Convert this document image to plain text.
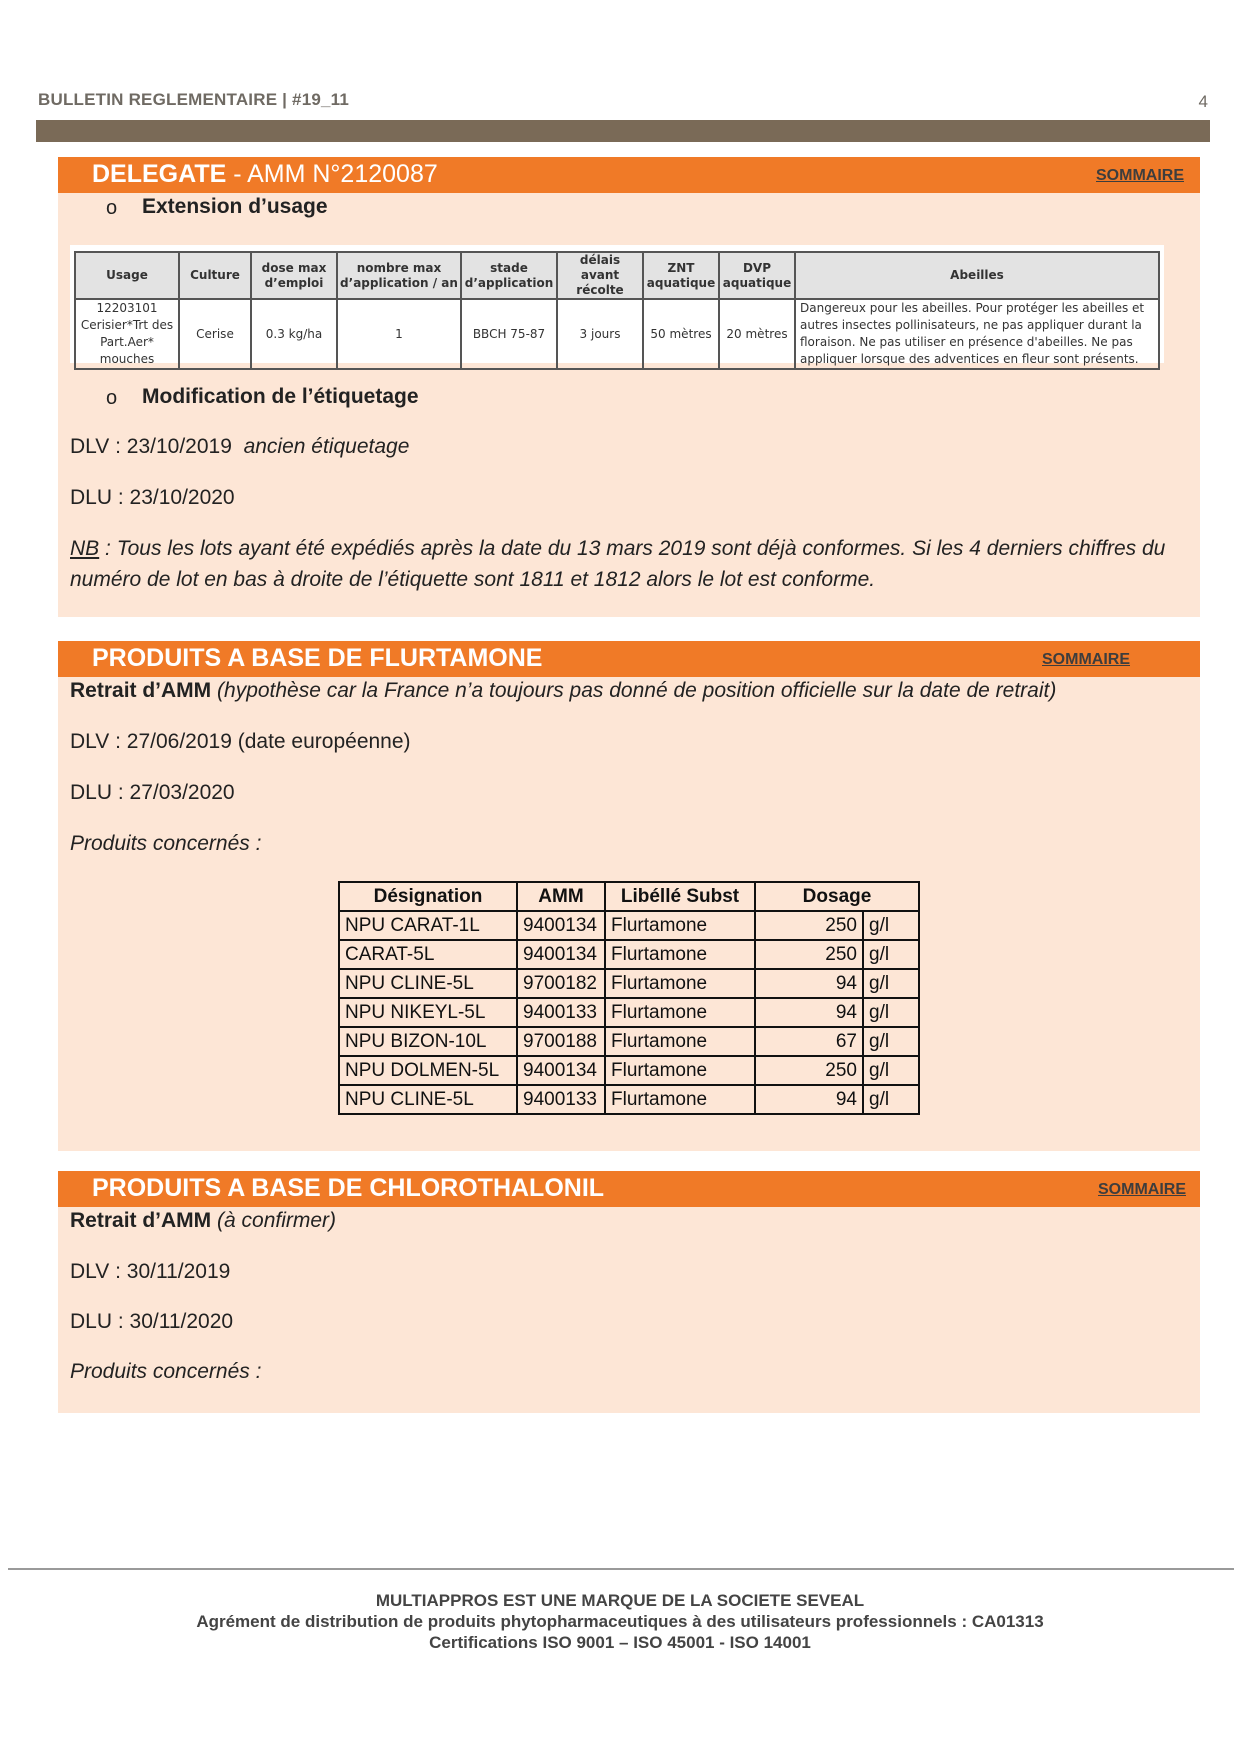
BULLETIN REGLEMENTAIRE | #19_11	4
DELEGATE - AMM N°2120087	SOMMAIRE
o Extension d’usage
Usage	Culture	dose max d’emploi	nombre max d’application / an	stade d’application	délais avant récolte	ZNT aquatique	DVP aquatique	Abeilles
12203101 Cerisier*Trt des Part.Aer* mouches	Cerise	0.3 kg/ha	1	BBCH 75-87	3 jours	50 mètres	20 mètres	Dangereux pour les abeilles. Pour protéger les abeilles et autres insectes pollinisateurs, ne pas appliquer durant la floraison. Ne pas utiliser en présence d'abeilles. Ne pas appliquer lorsque des adventices en fleur sont présents.
o Modification de l’étiquetage
DLV : 23/10/2019 ancien étiquetage
DLU : 23/10/2020
NB : Tous les lots ayant été expédiés après la date du 13 mars 2019 sont déjà conformes. Si les 4 derniers chiffres du
numéro de lot en bas à droite de l’étiquette sont 1811 et 1812 alors le lot est conforme.
PRODUITS A BASE DE FLURTAMONE	SOMMAIRE
Retrait d’AMM (hypothèse car la France n’a toujours pas donné de position officielle sur la date de retrait)
DLV : 27/06/2019 (date européenne)
DLU : 27/03/2020
Produits concernés :
Désignation	AMM	Libéllé Subst	Dosage	
NPU CARAT-1L	9400134	Flurtamone	250	g/l
CARAT-5L	9400134	Flurtamone	250	g/l
NPU CLINE-5L	9700182	Flurtamone	94	g/l
NPU NIKEYL-5L	9400133	Flurtamone	94	g/l
NPU BIZON-10L	9700188	Flurtamone	67	g/l
NPU DOLMEN-5L	9400134	Flurtamone	250	g/l
NPU CLINE-5L	9400133	Flurtamone	94	g/l
PRODUITS A BASE DE CHLOROTHALONIL	SOMMAIRE
Retrait d’AMM (à confirmer)
DLV : 30/11/2019
DLU : 30/11/2020
Produits concernés :
MULTIAPPROS EST UNE MARQUE DE LA SOCIETE SEVEAL
Agrément de distribution de produits phytopharmaceutiques à des utilisateurs professionnels : CA01313
Certifications ISO 9001 – ISO 45001 - ISO 14001
